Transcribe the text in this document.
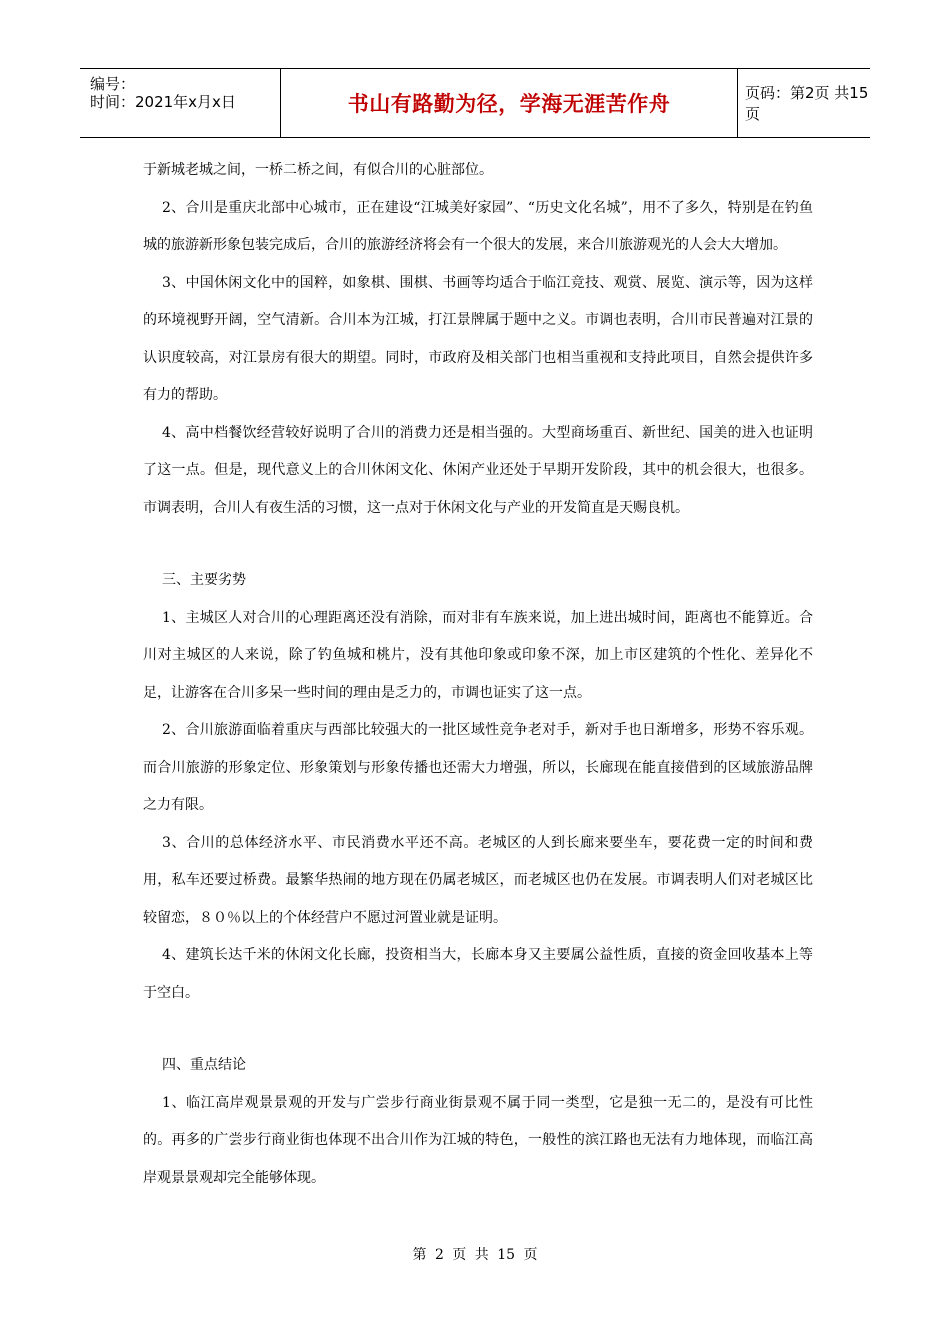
编号：
时间：2021年x月x日	书山有路勤为径，学海无涯苦作舟	页码：第2页 共15页

于新城老城之间，一桥二桥之间，有似合川的心脏部位。

2、合川是重庆北部中心城市，正在建设“江城美好家园”、“历史文化名城”，用不了多久，特别是在钓鱼城的旅游新形象包装完成后，合川的旅游经济将会有一个很大的发展，来合川旅游观光的人会大大增加。

3、中国休闲文化中的国粹，如象棋、围棋、书画等均适合于临江竞技、观赏、展览、演示等，因为这样的环境视野开阔，空气清新。合川本为江城，打江景牌属于题中之义。市调也表明，合川市民普遍对江景的认识度较高，对江景房有很大的期望。同时，市政府及相关部门也相当重视和支持此项目，自然会提供许多有力的帮助。

4、高中档餐饮经营较好说明了合川的消费力还是相当强的。大型商场重百、新世纪、国美的进入也证明了这一点。但是，现代意义上的合川休闲文化、休闲产业还处于早期开发阶段，其中的机会很大，也很多。市调表明，合川人有夜生活的习惯，这一点对于休闲文化与产业的开发简直是天赐良机。

三、主要劣势

1、主城区人对合川的心理距离还没有消除，而对非有车族来说，加上进出城时间，距离也不能算近。合川对主城区的人来说，除了钓鱼城和桃片，没有其他印象或印象不深，加上市区建筑的个性化、差异化不足，让游客在合川多呆一些时间的理由是乏力的，市调也证实了这一点。

2、合川旅游面临着重庆与西部比较强大的一批区域性竞争老对手，新对手也日渐增多，形势不容乐观。而合川旅游的形象定位、形象策划与形象传播也还需大力增强，所以，长廊现在能直接借到的区域旅游品牌之力有限。

3、合川的总体经济水平、市民消费水平还不高。老城区的人到长廊来要坐车，要花费一定的时间和费用，私车还要过桥费。最繁华热闹的地方现在仍属老城区，而老城区也仍在发展。市调表明人们对老城区比较留恋，８０％以上的个体经营户不愿过河置业就是证明。

4、建筑长达千米的休闲文化长廊，投资相当大，长廊本身又主要属公益性质，直接的资金回收基本上等于空白。

四、重点结论

1、临江高岸观景景观的开发与广尝步行商业街景观不属于同一类型，它是独一无二的，是没有可比性的。再多的广尝步行商业街也体现不出合川作为江城的特色，一般性的滨江路也无法有力地体现，而临江高岸观景景观却完全能够体现。

第 2 页 共 15 页
